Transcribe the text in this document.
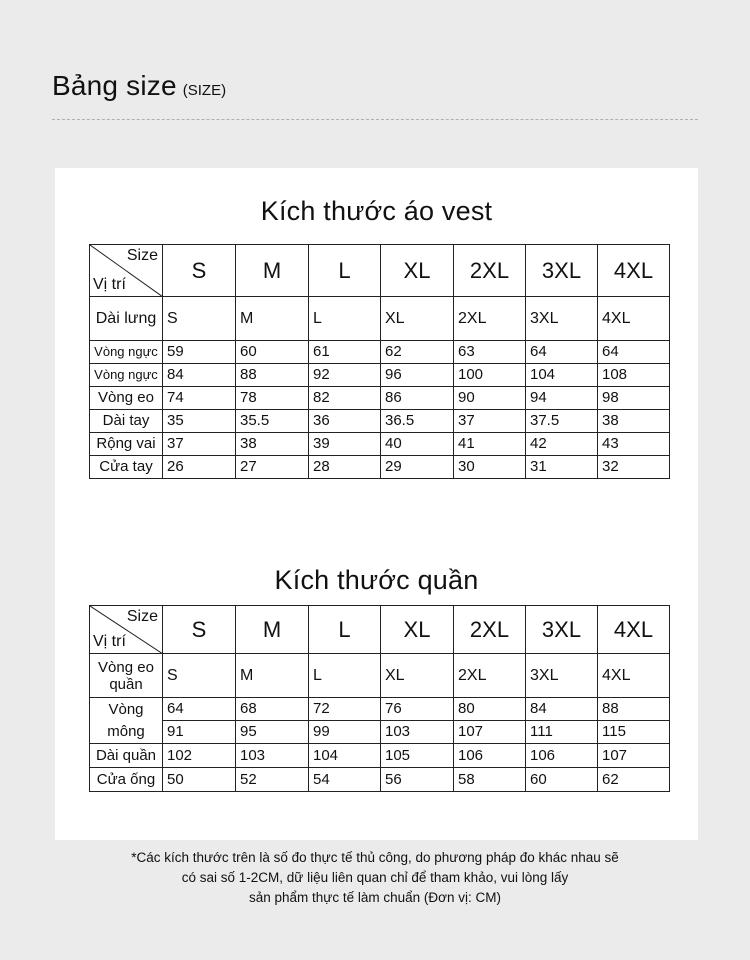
Bảng size (SIZE)
Kích thước áo vest
Size
Vị trí	S	M	L	XL	2XL	3XL	4XL
Dài lưng	S	M	L	XL	2XL	3XL	4XL
Vòng ngực	59	60	61	62	63	64	64
Vòng ngực	84	88	92	96	100	104	108
Vòng eo	74	78	82	86	90	94	98
Dài tay	35	35.5	36	36.5	37	37.5	38
Rộng vai	37	38	39	40	41	42	43
Cửa tay	26	27	28	29	30	31	32
Kích thước quần
Size
Vị trí	S	M	L	XL	2XL	3XL	4XL
Vòng eo quần	S	M	L	XL	2XL	3XL	4XL
Vòng mông	64	68	72	76	80	84	88
	91	95	99	103	107	111	115
Dài quần	102	103	104	105	106	106	107
Cửa ống	50	52	54	56	58	60	62
*Các kích thước trên là số đo thực tế thủ công, do phương pháp đo khác nhau sẽ
có sai số 1-2CM, dữ liệu liên quan chỉ để tham khảo, vui lòng lấy
sản phẩm thực tế làm chuẩn (Đơn vị: CM)
